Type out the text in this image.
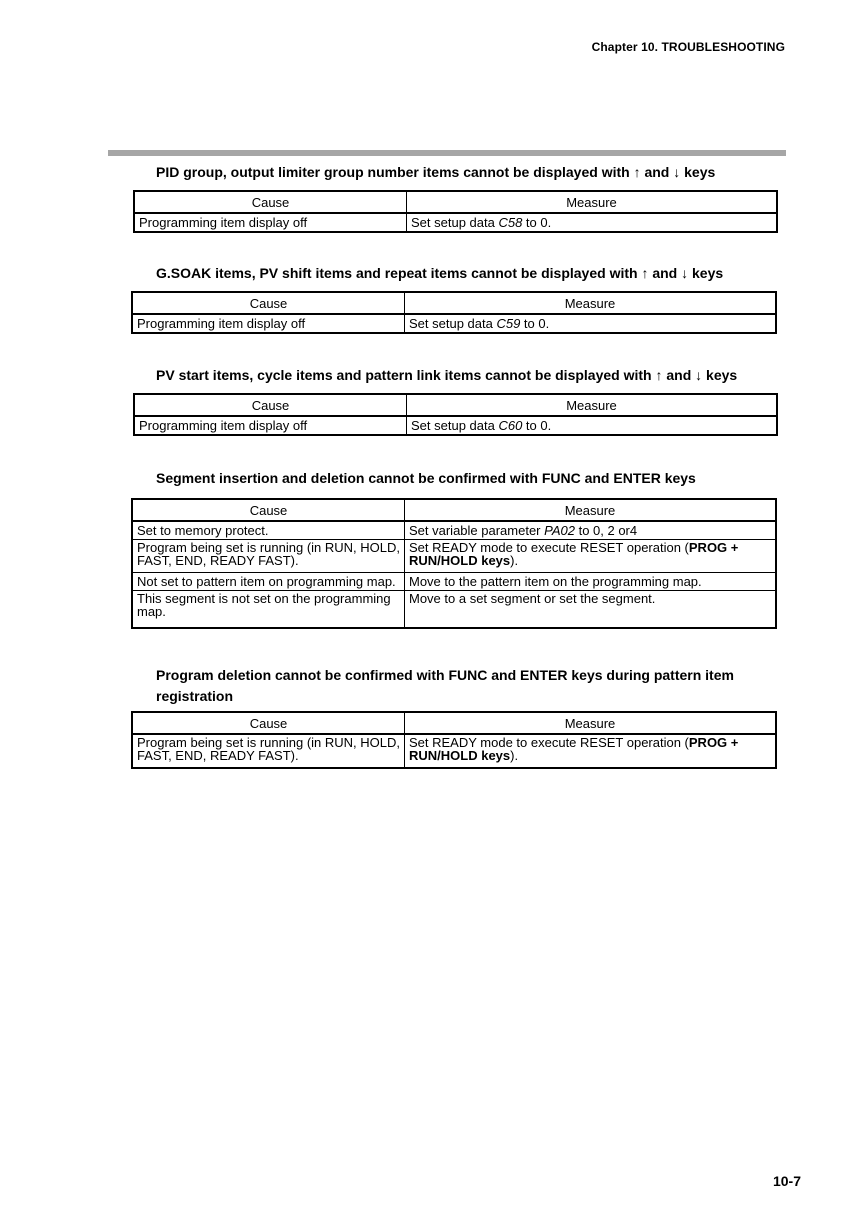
Chapter 10. TROUBLESHOOTING
PID group, output limiter group number items cannot be displayed with ↑ and ↓ keys
Cause	Measure
Programming item display off	Set setup data C58 to 0.
G.SOAK items, PV shift items and repeat items cannot be displayed with ↑ and ↓ keys
Cause	Measure
Programming item display off	Set setup data C59 to 0.
PV start items, cycle items and pattern link items cannot be displayed with ↑ and ↓ keys
Cause	Measure
Programming item display off	Set setup data C60 to 0.
Segment insertion and deletion cannot be confirmed with FUNC and ENTER keys
Cause	Measure
Set to memory protect.	Set variable parameter PA02 to 0, 2 or4
Program being set is running (in RUN, HOLD, FAST, END, READY FAST).	Set READY mode to execute RESET operation (PROG + RUN/HOLD keys).
Not set to pattern item on programming map.	Move to the pattern item on the programming map.
This segment is not set on the programming map.	Move to a set segment or set the segment.
Program deletion cannot be confirmed with FUNC and ENTER keys during pattern item registration
Cause	Measure
Program being set is running (in RUN, HOLD, FAST, END, READY FAST).	Set READY mode to execute RESET operation (PROG + RUN/HOLD keys).
10-7
